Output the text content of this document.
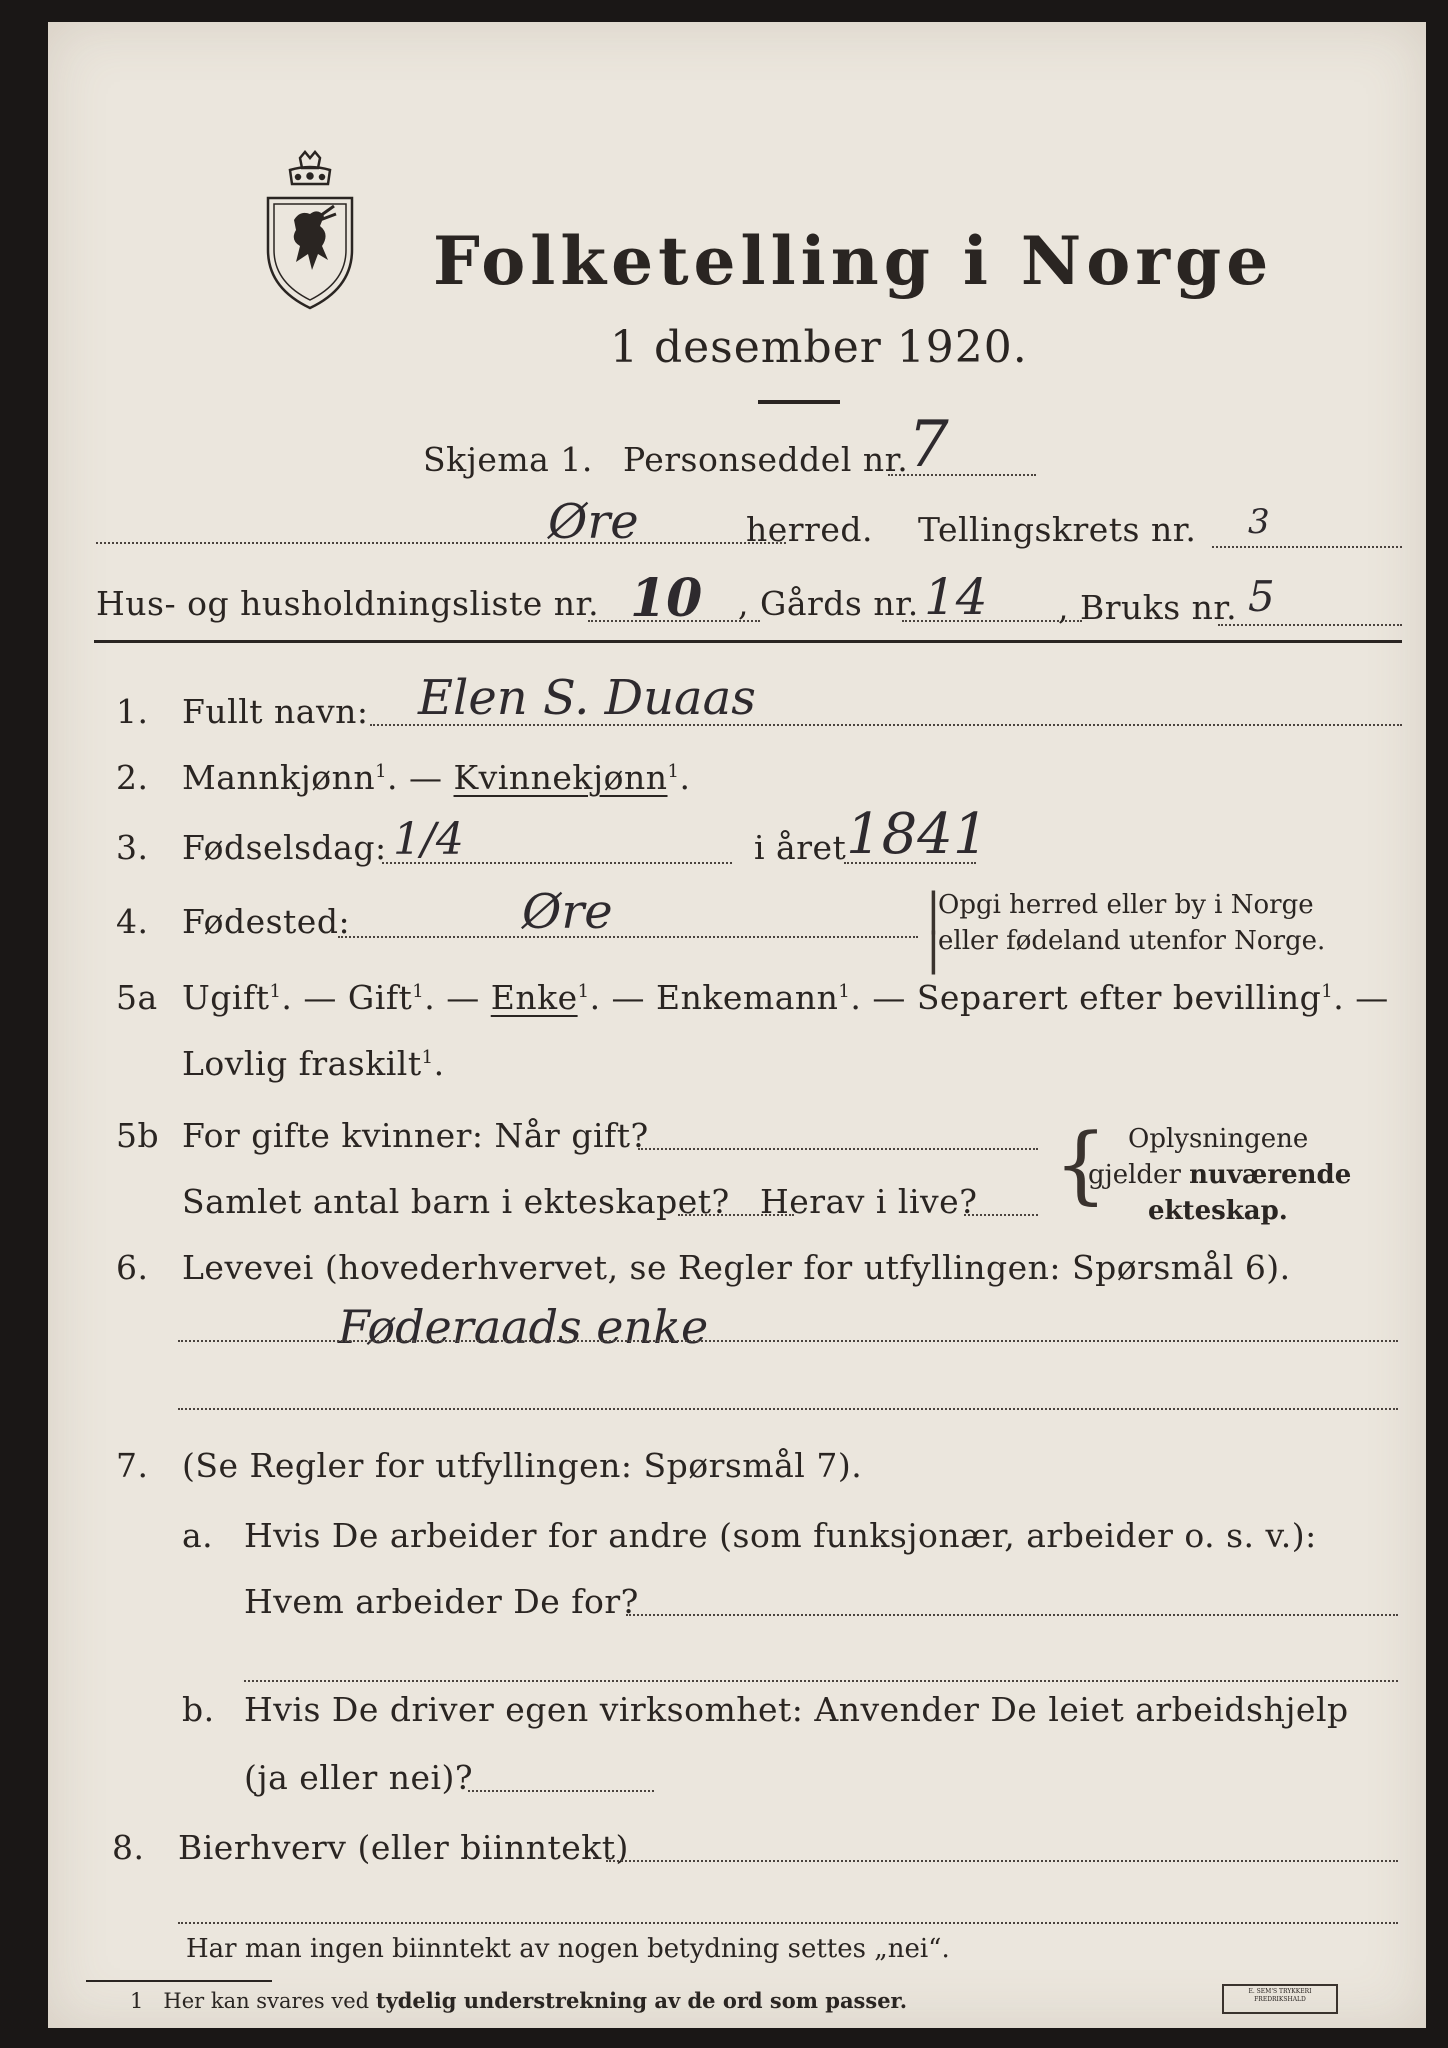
Folketelling i Norge
1 desember 1920.
Skjema 1. Personseddel nr. 7
Øre	herred. Tellingskrets nr. 3
Hus- og husholdningsliste nr. 10 , Gårds nr. 14 , Bruks nr. 5
1. Fullt navn: Elen S. Duaas
2. Mannkjønn$^1$. — Kvinnekjønn$^1$.
3. Fødselsdag: 1/4	i året 1841
4. Fødested:	Øre	|
|
Opgi herred eller by i Norge
eller fødeland utenfor Norge.
5a Ugift$^1$. — Gift$^1$. — Enke$^1$. — Enkemann$^1$. — Separert efter bevilling$^1$. —
Lovlig fraskilt$^1$.
5b For gifte kvinner: Når gift?
Samlet antal barn i ekteskapet? Herav i live? { Oplysningene
gjelder nuværende
ekteskap.
6. Levevei (hovederhvervet, se Regler for utfyllingen: Spørsmål 6).
Føderaads enke
7. (Se Regler for utfyllingen: Spørsmål 7).
a. Hvis De arbeider for andre (som funksjonær, arbeider o. s. v.):
Hvem arbeider De for?
b. Hvis De driver egen virksomhet: Anvender De leiet arbeidshjelp
(ja eller nei)?
8. Bierhverv (eller biinntekt)
Har man ingen biinntekt av nogen betydning settes „nei“.
1 Her kan svares ved tydelig understrekning av de ord som passer.	E. SEM'S TRYKKERI
FREDRIKSHALD
